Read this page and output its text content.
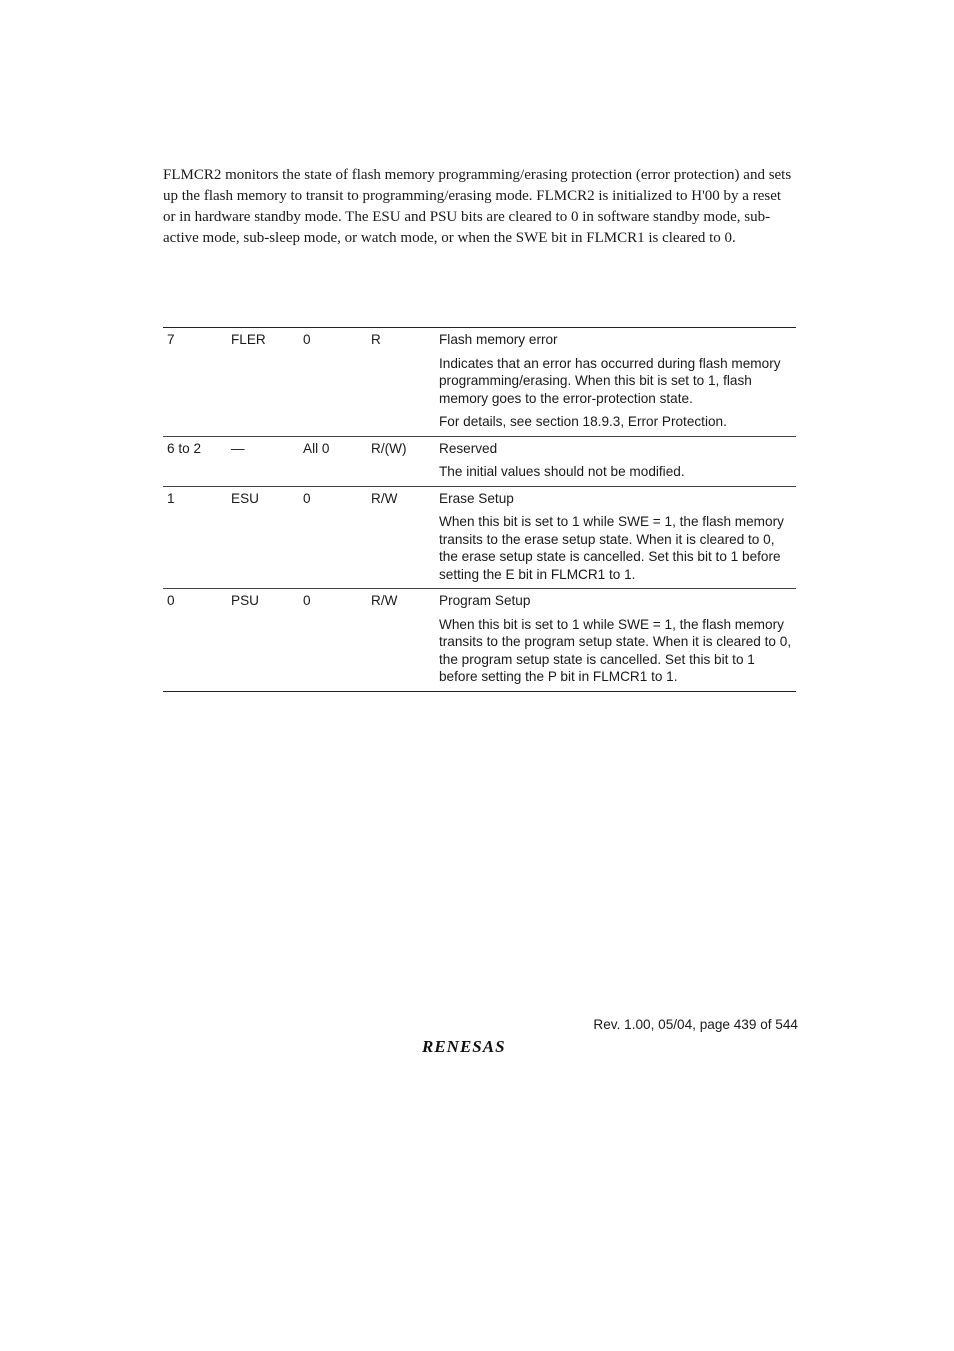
FLMCR2 monitors the state of flash memory programming/erasing protection (error protection) and sets up the flash memory to transit to programming/erasing mode. FLMCR2 is initialized to H'00 by a reset or in hardware standby mode. The ESU and PSU bits are cleared to 0 in software standby mode, sub-active mode, sub-sleep mode, or watch mode, or when the SWE bit in FLMCR1 is cleared to 0.

7	FLER	0	R	Flash memory error

Indicates that an error has occurred during flash memory programming/erasing. When this bit is set to 1, flash memory goes to the error-protection state.

For details, see section 18.9.3, Error Protection.

6 to 2	—	All 0	R/(W)	Reserved

The initial values should not be modified.

1	ESU	0	R/W	Erase Setup

When this bit is set to 1 while SWE = 1, the flash memory transits to the erase setup state. When it is cleared to 0, the erase setup state is cancelled. Set this bit to 1 before setting the E bit in FLMCR1 to 1.

0	PSU	0	R/W	Program Setup

When this bit is set to 1 while SWE = 1, the flash memory transits to the program setup state. When it is cleared to 0, the program setup state is cancelled. Set this bit to 1 before setting the P bit in FLMCR1 to 1.

Rev. 1.00, 05/04, page 439 of 544
RENESAS
